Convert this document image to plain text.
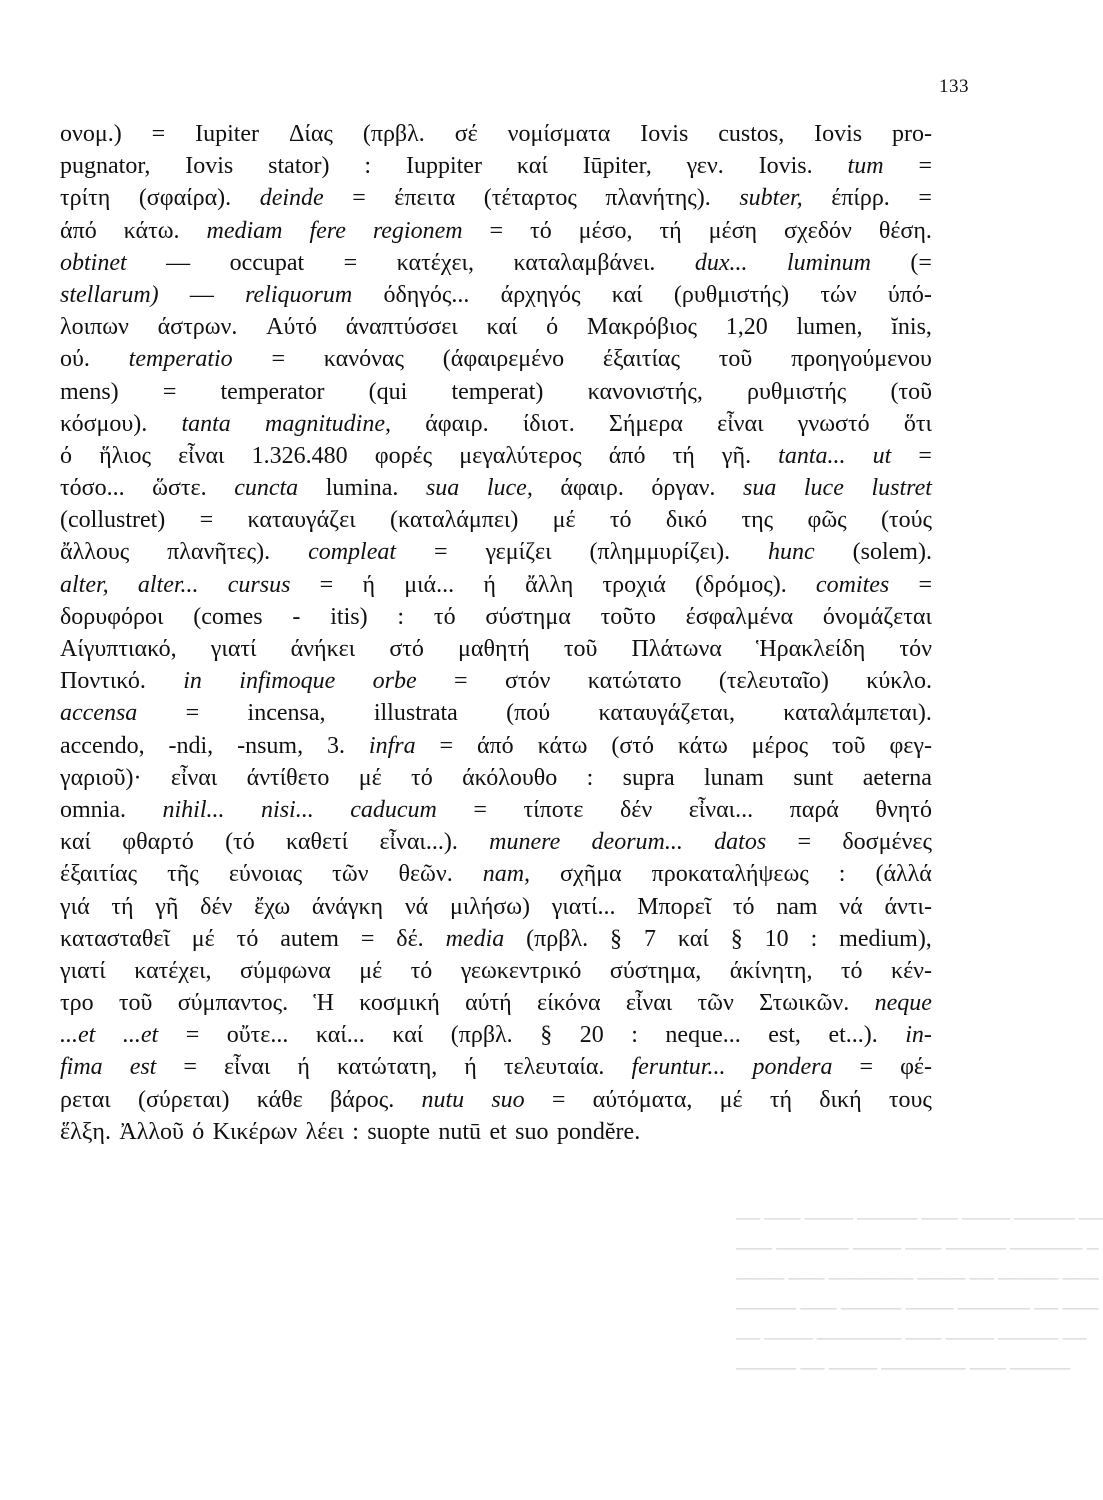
133
ονομ.) = Iupiter Δίας (πρβλ. σέ νομίσματα Iovis custos, Iovis pro-
pugnator, Iovis stator) : Iuppiter καί Iūpiter, γεν. Iovis. tum =
τρίτη (σφαίρα). deinde = έπειτα (τέταρτος πλανήτης). subter, έπίρρ. =
άπό κάτω. mediam fere regionem = τό μέσο, τή μέση σχεδόν θέση.
obtinet — occupat = κατέχει, καταλαμβάνει. dux... luminum (=
stellarum) — reliquorum όδηγός... άρχηγός καί (ρυθμιστής) τών ύπό-
λοιπων άστρων. Αύτό άναπτύσσει καί ό Μακρόβιος 1,20 lumen, ĭnis,
ού. temperatio = κανόνας (άφαιρεμένο έξαιτίας τοῦ προηγούμενου
mens) = temperator (qui temperat) κανονιστής, ρυθμιστής (τοῦ
κόσμου). tanta magnitudine, άφαιρ. ίδιοτ. Σήμερα εἶναι γνωστό ὅτι
ό ἥλιος εἶναι 1.326.480 φορές μεγαλύτερος άπό τή γῆ. tanta... ut =
τόσο... ὥστε. cuncta lumina. sua luce, άφαιρ. όργαν. sua luce lustret
(collustret) = καταυγάζει (καταλάμπει) μέ τό δικό της φῶς (τούς
ἄλλους πλανῆτες). compleat = γεμίζει (πλημμυρίζει). hunc (solem).
alter, alter... cursus = ή μιά... ή ἄλλη τροχιά (δρόμος). comites =
δορυφόροι (comes - itis) : τό σύστημα τοῦτο έσφαλμένα όνομάζεται
Αίγυπτιακό, γιατί άνήκει στό μαθητή τοῦ Πλάτωνα Ἡρακλείδη τόν
Ποντικό. in infimoque orbe = στόν κατώτατο (τελευταῖο) κύκλο.
accensa = incensa, illustrata (πού καταυγάζεται, καταλάμπεται).
accendo, -ndi, -nsum, 3. infra = άπό κάτω (στό κάτω μέρος τοῦ φεγ-
γαριοῦ)· εἶναι άντίθετο μέ τό άκόλουθο : supra lunam sunt aeterna
omnia. nihil... nisi... caducum = τίποτε δέν εἶναι... παρά θνητό
καί φθαρτό (τό καθετί εἶναι...). munere deorum... datos = δοσμένες
έξαιτίας τῆς εύνοιας τῶν θεῶν. nam, σχῆμα προκαταλήψεως : (άλλά
γιά τή γῆ δέν ἔχω άνάγκη νά μιλήσω) γιατί... Μπορεῖ τό nam νά άντι-
κατασταθεῖ μέ τό autem = δέ. media (πρβλ. § 7 καί § 10 : medium),
γιατί κατέχει, σύμφωνα μέ τό γεωκεντρικό σύστημα, άκίνητη, τό κέν-
τρο τοῦ σύμπαντος. Ἡ κοσμική αύτή είκόνα εἶναι τῶν Στωικῶν. neque
...et ...et = οὔτε... καί... καί (πρβλ. § 20 : neque... est, et...). in-
fima est = εἶναι ή κατώτατη, ή τελευταία. feruntur... pondera = φέ-
ρεται (σύρεται) κάθε βάρος. nutu suo = αύτόματα, μέ τή δική τους
ἕλξη. Ἀλλοῦ ό Κικέρων λέει : suopte nutū et suo pondĕre.
── ─── ──── ───── ─── ──── ───── ──
─── ────── ──── ─── ───── ────── ─
──── ─── ─────── ──── ── ───── ───
───── ─── ───── ──── ────── ── ───
── ──── ─────── ─── ──── ───── ──
───── ── ──── ─────── ─── ─────
